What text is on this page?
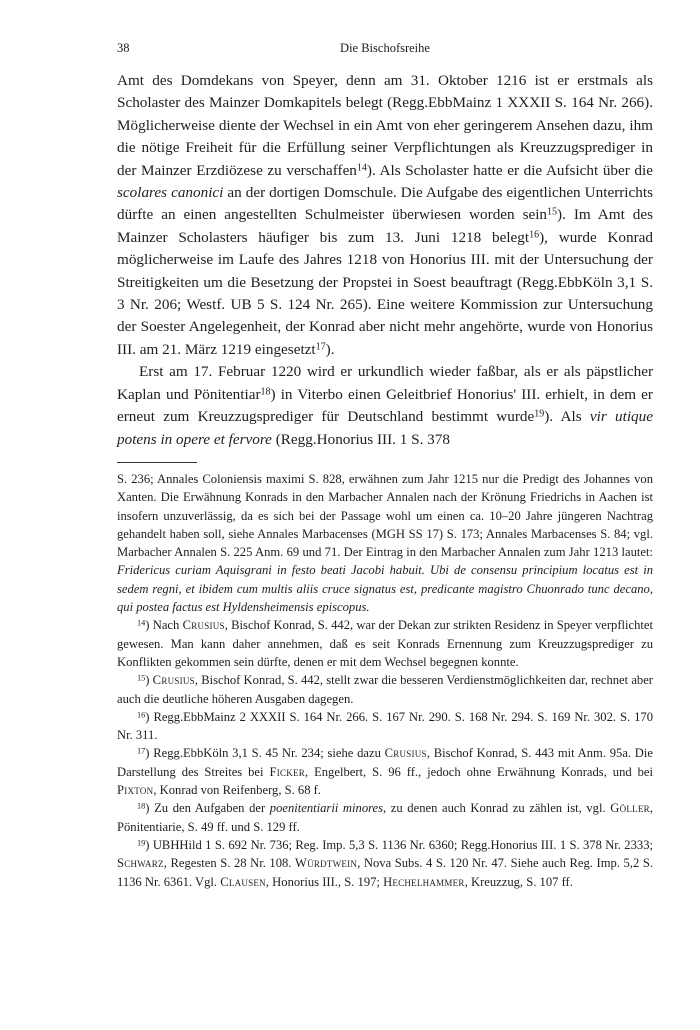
38	Die Bischofsreihe

Amt des Domdekans von Speyer, denn am 31. Oktober 1216 ist er erstmals als Scholaster des Mainzer Domkapitels belegt (Regg.EbbMainz 1 XXXII S. 164 Nr. 266). Möglicherweise diente der Wechsel in ein Amt von eher geringerem Ansehen dazu, ihm die nötige Freiheit für die Erfüllung seiner Verpflichtungen als Kreuzzugsprediger in der Mainzer Erzdiözese zu verschaffen$^{14}$). Als Scholaster hatte er die Aufsicht über die scolares canonici an der dortigen Domschule. Die Aufgabe des eigentlichen Unterrichts dürfte an einen angestellten Schulmeister überwiesen worden sein$^{15}$). Im Amt des Mainzer Scholasters häufiger bis zum 13. Juni 1218 belegt$^{16}$), wurde Konrad möglicherweise im Laufe des Jahres 1218 von Honorius III. mit der Untersuchung der Streitigkeiten um die Besetzung der Propstei in Soest beauftragt (Regg.EbbKöln 3,1 S. 3 Nr. 206; Westf. UB 5 S. 124 Nr. 265). Eine weitere Kommission zur Untersuchung der Soester Angelegenheit, der Konrad aber nicht mehr angehörte, wurde von Honorius III. am 21. März 1219 eingesetzt$^{17}$).

Erst am 17. Februar 1220 wird er urkundlich wieder faßbar, als er als päpstlicher Kaplan und Pönitentiar$^{18}$) in Viterbo einen Geleitbrief Honorius' III. erhielt, in dem er erneut zum Kreuzzugsprediger für Deutschland bestimmt wurde$^{19}$). Als vir utique potens in opere et fervore (Regg.Honorius III. 1 S. 378

S. 236; Annales Coloniensis maximi S. 828, erwähnen zum Jahr 1215 nur die Predigt des Johannes von Xanten. Die Erwähnung Konrads in den Marbacher Annalen nach der Krönung Friedrichs in Aachen ist insofern unzuverlässig, da es sich bei der Passage wohl um einen ca. 10–20 Jahre jüngeren Nachtrag gehandelt haben soll, siehe Annales Marbacenses (MGH SS 17) S. 173; Annales Marbacenses S. 84; vgl. Marbacher Annalen S. 225 Anm. 69 und 71. Der Eintrag in den Marbacher Annalen zum Jahr 1213 lautet: Fridericus curiam Aquisgrani in festo beati Jacobi habuit. Ubi de consensu principium locatus est in sedem regni, et ibidem cum multis aliis cruce signatus est, predicante magistro Chuonrado tunc decano, qui postea factus est Hyldensheimensis episcopus.

$^{14}$) Nach Crusius, Bischof Konrad, S. 442, war der Dekan zur strikten Residenz in Speyer verpflichtet gewesen. Man kann daher annehmen, daß es seit Konrads Ernennung zum Kreuzzugsprediger zu Konflikten gekommen sein dürfte, denen er mit dem Wechsel begegnen konnte.

$^{15}$) Crusius, Bischof Konrad, S. 442, stellt zwar die besseren Verdienstmöglichkeiten dar, rechnet aber auch die deutliche höheren Ausgaben dagegen.

$^{16}$) Regg.EbbMainz 2 XXXII S. 164 Nr. 266. S. 167 Nr. 290. S. 168 Nr. 294. S. 169 Nr. 302. S. 170 Nr. 311.

$^{17}$) Regg.EbbKöln 3,1 S. 45 Nr. 234; siehe dazu Crusius, Bischof Konrad, S. 443 mit Anm. 95a. Die Darstellung des Streites bei Ficker, Engelbert, S. 96 ff., jedoch ohne Erwähnung Konrads, und bei Pixton, Konrad von Reifenberg, S. 68 f.

$^{18}$) Zu den Aufgaben der poenitentiarii minores, zu denen auch Konrad zu zählen ist, vgl. Göller, Pönitentiarie, S. 49 ff. und S. 129 ff.

$^{19}$) UBHHild 1 S. 692 Nr. 736; Reg. Imp. 5,3 S. 1136 Nr. 6360; Regg.Honorius III. 1 S. 378 Nr. 2333; Schwarz, Regesten S. 28 Nr. 108. Würdtwein, Nova Subs. 4 S. 120 Nr. 47. Siehe auch Reg. Imp. 5,2 S. 1136 Nr. 6361. Vgl. Clausen, Honorius III., S. 197; Hechelhammer, Kreuzzug, S. 107 ff.
